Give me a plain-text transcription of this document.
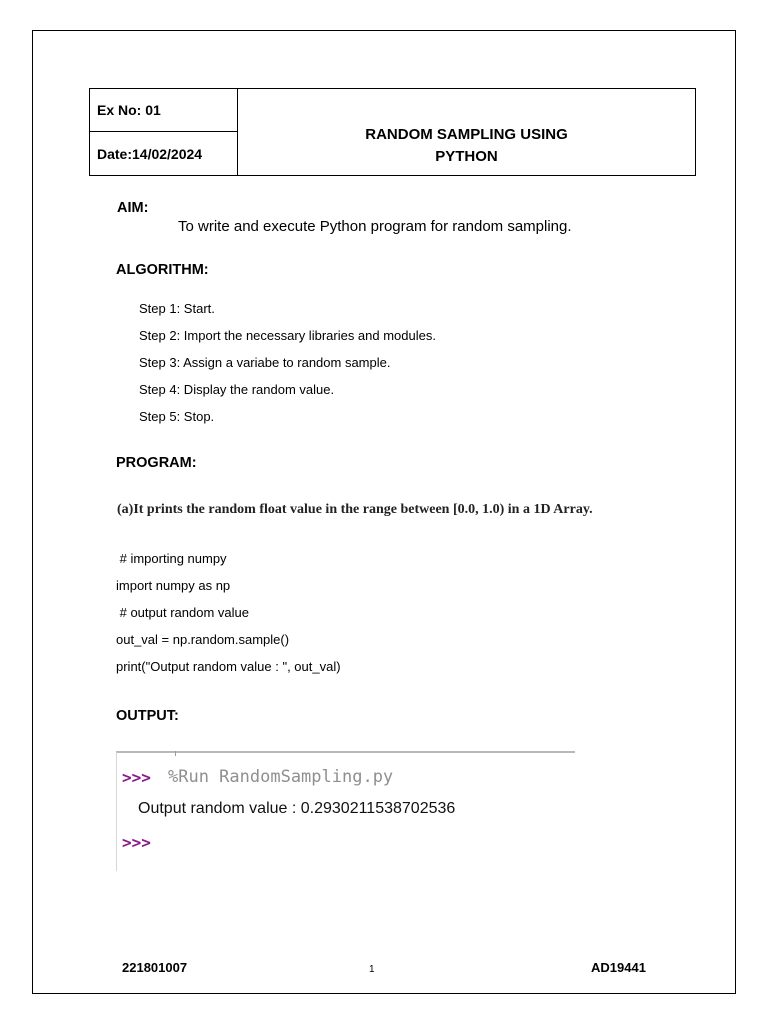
Ex No: 01
Date:14/02/2024
RANDOM SAMPLING USING
PYTHON
AIM:
To write and execute Python program for random sampling.
ALGORITHM:
Step 1: Start.
Step 2: Import the necessary libraries and modules.
Step 3: Assign a variabe to random sample.
Step 4: Display the random value.
Step 5: Stop.
PROGRAM:
(a)It prints the random float value in the range between [0.0, 1.0) in a 1D Array.
# importing numpy
import numpy as np
# output random value
out_val = np.random.sample()
print("Output random value : ", out_val)
OUTPUT:
>>> %Run RandomSampling.py
Output random value : 0.2930211538702536
>>>
221801007	1	AD19441
